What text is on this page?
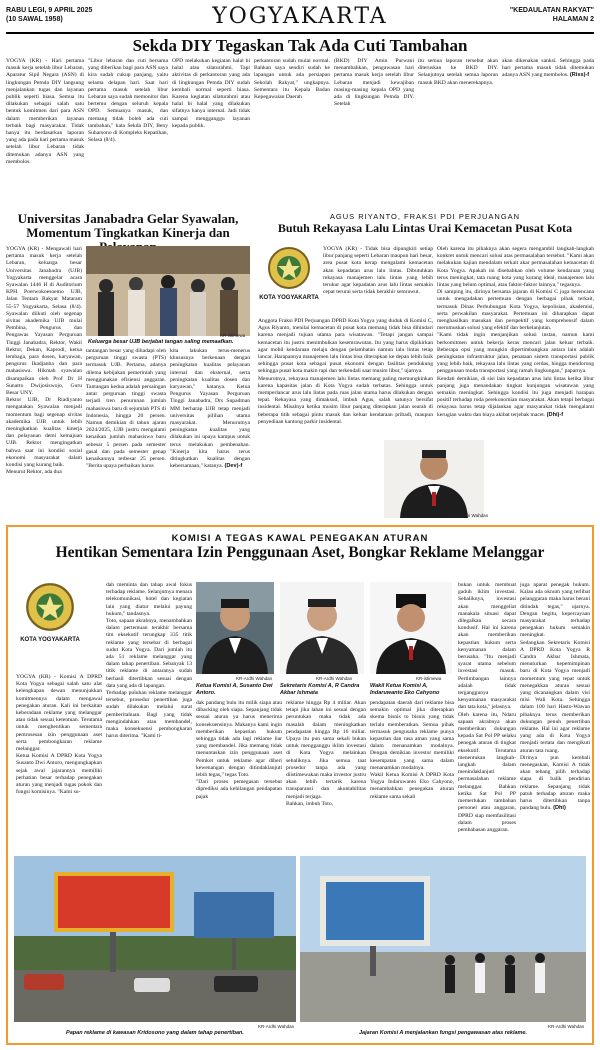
RABU LEGI, 9 APRIL 2025
(10 SAWAL 1958)	YOGYAKARTA	"KEDAULATAN RAKYAT"
HALAMAN 2
Sekda DIY Tegaskan Tak Ada Cuti Tambahan
YOGYA (KR) - Hari pertama masuk kerja setelah libur Lebaran, Aparatur Sipil Negara (ASN) di lingkungan Pemda DIY langsung menjalankan tugas dan layanan publik seperti biasa. Semua itu dilakukan sebagai salah satu bentuk komitmen dari para ASN dalam memberikan layanan terbaik bagi masyarakat. Tidak hanya itu berdasarkan laporan yang ada pada hari pertama masuk setelah libur Lebaran tidak ditemukan adanya ASN yang membolos.
"Libur lebaran dan cuti bersama yang diberikan bagi para ASN saya kira sudah cukup panjang, yaitu selama delapan hari. Saat hari pertama masuk setelah libur Lebaran saya sudah memonitor dan bertemu dengan seluruh kepala OPD. Semuanya masuk, dan memang tidak boleh ada cuti tambahan," kata Sekda DIY, Beny Suharsono di Kompleks Kepatihan, Selasa (8/4).
OPD melakukan kegiatan halal bi halal atau silaturahmi. Tapi aktivitas di perkantoran yang ada di lingkungan Pemda DIY sudah kembali normal seperti biasa. Karena kegiatan silaturahmi atau halal bi halal yang dilakukan sifatnya hanya internal. Jadi tidak sampai mengganggu layanan kepada publik.
perkantoran sudah mulai normal. Bahkan saya sendiri sudah ke lapangan untuk ada persiapan Sekolah Rakyat," ungkapnya. Sementara itu Kepala Badan Kepegawaian Daerah
(BKD) DIY Amin Purwani menambahkan, pengawasan hari pertama masuk kerja setelah libur Lebaran menjadi kewajiban masing-masing kepala OPD yang ada di lingkungan Pemda DIY. Setelah
itu semua laporan tersebut akan diteruskan ke BKD DIY. Selanjutnya setelah semua laporan masuk BKD akan menerekapnya.
akan dikenakan sanksi. Sehingga pada hari pertama masuk tidak ditemukan adanya ASN yang membolos. (Riss)-f
Universitas Janabadra Gelar Syawalan,
Momentum Tingkatkan Kinerja dan
YOGYA (KR) - Mengawali hari pertama masuk kerja setelah Lebaran, keluarga besar Universitas Janabadra (UJB) Yogyakarta menggelar acara Syawalan 1446 H di Auditorium KPH Poerwokoesoemo UJB, Jalan Tentara Rakyat Mataram 55-57 Yogyakarta, Selasa (8/4). Syawalan diikuti oleh segenap sivitas akademika UJB mulai Pembina, Pengurus dan Pengawas Yayasan Perguruan Tinggi Janabadra, Rektor, Wakil Rektor, Dekan, Kaprodi, ketua lembaga, para dosen, karyawan, pengurus Ikadjanba dan para mahasiswa. Hikmah syawalan disampaikan oleh Prof Dr H Sunarto Dwijosiswojo, Guru Besar UNY.
Rektor UJB, Dr Riadiyanto mengatakan Syawalan menjadi momentum bagi segenap sivitas akademika UJB untuk lebih meningkatkan kualitas kinerja dan pelayanan demi kemajuan UJB. Rektor mengingatkan bahwa saat ini kondisi sosial ekonomi masyarakat dalam kondisi yang kurang baik.
Menurut Rektor, ada dua
KR-istimewa
Keluarga besar UJB berjabat tangan saling memaafkan.
tantangan besar yang dihadapi oleh perguruan tinggi swasta (PTS) termasuk UJB. Pertama, adanya dilema kebijakan pemerintah yang menggunakan efisiensi anggaran. Tantangan kedua adalah persaingan antar perguruan tinggi swasta terjadi tren penurunan jumlah mahasiswa baru di sejumlah PTS di Indonesia, hingga 20 persen. Namun demikian di tahun ajaran 2024/2025, UJB justru mengalami kenaikan jumlah mahasiswa baru sebesar 5 persen pada semester gasal dan pada semester genap kenaikannya terbesar 25 persen. "Berita upaya perbaikan harus
kita lakukan terus-menerus khususnya berkenaan dengan peningkatan kualitas pelayanan internal dan eksternal, serta peningkatan kualitas dosen dan karyawan," katanya. Ketua Pengurus Yayasan Perguruan Tinggi Janabadra, Drs Supadman MM berharap UJB tetap menjadi universitas pilihan utama masyarakat. Menurutnya peningkatan kualitas yang dilakukan ini upaya kampus untuk terus melakukan pembenahan. "Kinerja kita harus terus ditingkatkan kualitas dengan kebersamaan," katanya. (Dev)-f
AGUS RIYANTO, FRAKSI PDI PERJUANGAN
Butuh Rekayasa Lalu Lintas Urai Kemacetan Pusat Kota
KOTA YOGYAKARTA
YOGYA (KR) - Tidak bisa dipungkiri setiap libur panjang seperti Lebaran maupun hari besar, area pusat kota kerap mengalami kemacetan akan kepadatan arus lalu lintas. Dibutuhkan rekayasa manajemen lalu lintas yang lebih terukur agar kepadatan arus lalu lintas semakin cepat terurai serta tidak berakhir semrawut.
Anggota Fraksi PDI Perjuangan DPRD Kota Yogya yang duduk di Komisi C, Agus Riyanto, menilai kemacetan di pusat kota memang tidak bisa dihindari karena menjadi tujuan utama para wisatawan. "Tetapi jangan sampai kemacetan itu justru menimbulkan kesemrawutan. Itu yang harus dipikirkan agar mobil kendaraan melaju dengan pelambatan namun lalu lintas tetap lancar. Harapannya manajemen lalu lintas bisa diterapkan ke depan lebih baik sehingga pusat kota sebagai pusat ekonomi dengan fasilitas pendukung sehingga pusat kota makin rapi dan terkendali saat musim libur," ujarnya.
Menurutnya, rekayasa manajemen lalu lintas memang paling memungkinkan karena kapasitas jalan di Kota Yogya sudah terbatas. Sehingga untuk memperlancar arus lalu lintas pada ruas jalan utama harus dilakukan dengan tepat. Rekayasa yang dimaksud, imbuh Agus, salah satunya bersifat insidental. Misalnya ketika musim libur panjang diterapkan jalan searah di beberapa titik sebagai pintu masuk dan keluar kendaraan pribadi, maupun penyediaan kantong parkir insidental.
Oleh karena itu pihaknya akan segera mengambil langkah-langkah konkret untuk mencari solusi atas permasalahan tersebut. "Kami akan melakukan kajian mendalam terkait akar permasalahan kemacetan di Kota Yogya. Apakah ini disebabkan oleh volume kendaraan yang terus meningkat, tata ruang kota yang kurang ideal, manajemen lalu lintas yang belum optimal, atau faktor-faktor lainnya," tegasnya.
Di samping itu, dirinya bersama jajaran di Komisi C juga berencana untuk mengadakan pertemuan dengan berbagai pihak terkait, termasuk Dinas Perhubungan Kota Yogya, kepolisian, akademisi, serta perwakilan masyarakat. Pertemuan ini diharapkan dapat menghasilkan masukan dan perspektif yang komprehensif dalam merumuskan solusi yang efektif dan berkelanjutan.
"Kami tidak ingin menjanjikan solusi instan, namun kami berkomitmen untuk bekerja keras mencari jalan keluar terbaik. Beberapa opsi yang mungkin dipertimbangkan antara lain adalah peningkatan infrastruktur jalan, penataan sistem transportasi publik yang lebih baik, rekayasa lalu lintas yang cerdas, hingga mendorong penggunaan moda transportasi yang ramah lingkungan," paparnya.
Kendati demikian, di sisi lain kepadatan arus lalu lintas ketika libur panjang juga menandakan tingkat kunjungan wisatawan yang semakin meningkat. Sehingga kondisi itu juga menjadi harapan positif terhadap roda perekonomian masyarakat. Akan tetapi berbagai rekayasa harus tetap dijalankan agar masyarakat tidak mengalami kerugian waktu dan biaya akibat terjebak macet. (Dhi)-f
KR-Ardhi Wahdan
KOMISI A TEGAS KAWAL PENEGAKAN ATURAN
Hentikan Sementara Izin Penggunaan Aset, Bongkar Reklame Melanggar
KOTA YOGYAKARTA
YOGYA (KR) - Komisi A DPRD Kota Yogya sebagai salah satu alat kelengkapan dewan menunjukkan komitmennya dalam mengawal penegakan aturan. Kali ini berkaitan keberadaan reklame yang melanggar atau tidak sesuai ketentuan. Terutama untuk menghentikan sementara pemrosesan izin penggunaan aset serta pembongkaran reklame melanggar.
Ketua Komisi A DPRD Kota Yogya Susanto Dwi Antoro, mengungkapkan sejak awal jajarannya memiliki perhatian besar terhadap penegakan aturan yang menjadi tugas pokok dan fungsi komisinya. "Kami su-
dah meminta dan tahap awal fokus terhadap reklame. Selanjutnya menara telekomunikasi, hotel dan kegiatan lain yang diatur melalui payung hukum," tandasnya.
Toto, sapaan akrabnya, menambahkan dalam pertemuan terakhir bersama tim eksekutif terungkap 335 titik reklame yang tersebar di berbagai sudut Kota Yogya. Dari jumlah itu ada 51 reklame melanggar yang dalam tahap penertiban. Sebanyak 13 titik reklame di antaranya sudah berhasil ditertibkan sesuai dengan data yang ada di lapangan.
Terhadap puluhan reklame melanggar tersebut, prosedur penertiban juga sudah dilakukan melalui surat pemberitahuan. Bagi yang tidak mengindahkan atau membandel, maka konsekuensi pembongkaran harus diterima. "Kami ti-
KR-Ardhi Wahdan	KR-Ardhi Wahdan	KR-istimewa
Ketua Komisi A, Susanto Dwi Antoro.
Sekretaris Komisi A, R Candra Akbar Ishmata
Wakil Ketua Komisi A, Indaruwanto Eko Cahyono
dak pandang bulu itu milik siapa atau dibacking oleh siapa. Sepanjang tidak sesuai aturan ya harus menerima konsekuensinya. Makanya kami ingin memberikan kepastian hukum sehingga tidak ada lagi reklame liar yang membandel. Jika memang tidak menuntaskan izin penggunaan aset Pemkot untuk reklame agar diberi kewenangan dengan ditindaklanjuti lebih tegas," tegas Toto.
"Dari proses pemegasan tersebut diprediksi ada kehilangan pendapatan pajak
reklame hingga Rp 4 miliar. Akan tetapi jika lahan ini sesuai dengan peruntukan maka tidak ada masalah dalam meningkatkan pendapatan hingga Rp 16 miliar. Upaya itu pun sama sekali bukan untuk mengganggu iklim investasi di Kota Yogya melainkan sebaliknya. Jika semua taat prosedur tanpa ada yang diistimewakan maka investor justru akan lebih tertarik karena transparansi dan akuntabilitas menjadi terjaga.
Bahkan, imbuh Toto,
pendapatan daerah dari reklame bisa semakin optimal jika diterapkan skema bisnis to bisnis yang tidak terlalu memberatkan. Semua pihak termasuk pengusaha reklame punya kepastian dan rasa aman yang sama dalam menanamkan modalnya. Dengan demikian investor memiliki kesempatan yang sama dalam menanamkan modalnya.
Wakil Ketua Komisi A DPRD Kota Yogya Indaruwanto Eko Cahyono, menambahkan penegakan aturan reklame sama sekali
bukan untuk membuat gaduh iklim investasi. Sebaliknya, investasi akan menggeliat manakala situasi dapat dilegalkan secara kondusif. Hal ini karena akan memberikan kepastian hukum serta kenyamanan dalam berusaha. "Itu menjadi syarat utama sebelum investasi masuk. Pertimbangan lainnya adalah tidak terganggunya kenyamanan masyarakat dan tata kota," jelasnya.
Oleh karena itu, Ndaru sapaan akrabnya akan memberikan dukungan kepada Sat Pol PP selaku penegak aturan di tingkat eksekutif. Terutama menentukan langkah-langkah dalam menindaklanjuti permasalahan reklame melanggar. Bahkan ketika Sat Pol PP memerlukan tambahan personel atau anggaran, DPRD siap memfasilitasi dalam proses pembahasan anggaran.
juga aparat penegak hukum. Kalau ada oknum yang terlibat pelanggaran maka harus berani ditindak tegas," ujarnya. Dengan begitu, kepercayaan masyarakat terhadap penegakan hukum semakin meningkat.
Sedangkan Sekretaris Komisi A DPRD Kota Yogya R Candra Akbar Ishmata, menuturkan kepemimpinan baru di Kota Yogya menjadi momentum yang tepat untuk menegakkan aturan sesuai yang dicanangkan dalam visi misi Wali Kota. Sehingga dalam 100 hari Hasto-Wawan pihaknya terus memberikan dukungan penuh penertiban reklame. Hal ini agar reklame yang ada di Kota Yogya menjadi tertata dan mengikuti aturan tata ruang.
Dirinya pun kembali menegaskan, Komisi A tidak akan tebang pilih terhadap siapa di balik pendirian reklame. Sepanjang tidak patuh terhadap aturan maka harus ditertibkan tanpa pandang bulu. (Dhi)
KR-Ardhi Wahdan	KR-Ardhi Wahdan
Papan reklame di kawasan Kridosono yang dalam tahap penertiban.	Jajaran Komisi A menjalankan fungsi pengawasan atas reklame.
